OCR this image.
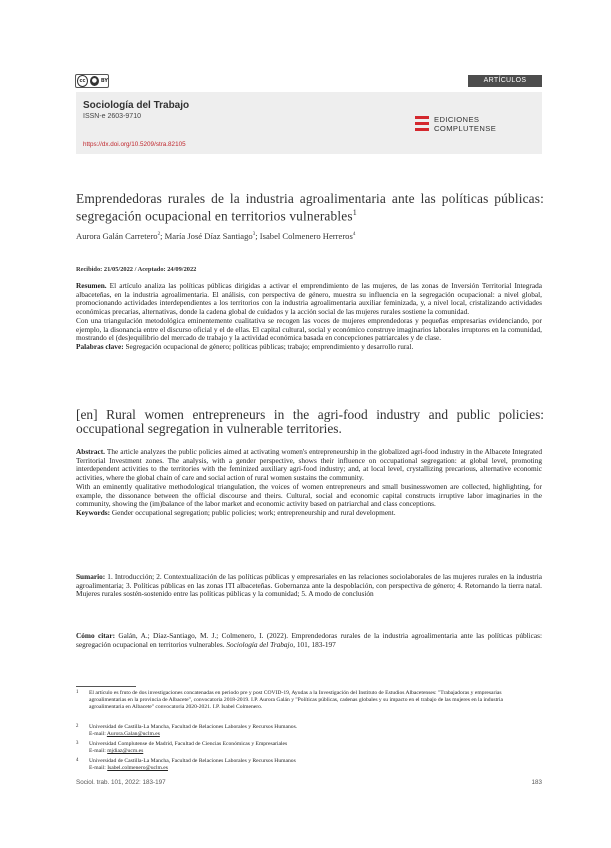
cc	● BY	ARTÍCULOS
Sociología del Trabajo
ISSN-e 2603-9710
https://dx.doi.org/10.5209/stra.82105
EDICIONES
COMPLUTENSE
Emprendedoras rurales de la industria agroalimentaria ante las políticas públicas: segregación ocupacional en territorios vulnerables$^1$
Aurora Galán Carretero$^2$; María José Díaz Santiago$^3$; Isabel Colmenero Herreros$^4$
Recibido: 21/05/2022 / Aceptado: 24/09/2022
Resumen. El artículo analiza las políticas públicas dirigidas a activar el emprendimiento de las mujeres, de las zonas de Inversión Territorial Integrada albaceteñas, en la industria agroalimentaria. El análisis, con perspectiva de género, muestra su influencia en la segregación ocupacional: a nivel global, promocionando actividades interdependientes a los territorios con la industria agroalimentaria auxiliar feminizada, y, a nivel local, cristalizando actividades económicas precarias, alternativas, donde la cadena global de cuidados y la acción social de las mujeres rurales sostiene la comunidad.
Con una triangulación metodológica eminentemente cualitativa se recogen las voces de mujeres emprendedoras y pequeñas empresarias evidenciando, por ejemplo, la disonancia entre el discurso oficial y el de ellas. El capital cultural, social y económico construye imaginarios laborales irruptores en la comunidad, mostrando el (des)equilibrio del mercado de trabajo y la actividad económica basada en concepciones patriarcales y de clase.
Palabras clave: Segregación ocupacional de género; políticas públicas; trabajo; emprendimiento y desarrollo rural.
[en] Rural women entrepreneurs in the agri-food industry and public policies: occupational segregation in vulnerable territories.
Abstract. The article analyzes the public policies aimed at activating women's entrepreneurship in the globalized agri-food industry in the Albacete Integrated Territorial Investment zones. The analysis, with a gender perspective, shows their influence on occupational segregation: at global level, promoting interdependent activities to the territories with the feminized auxiliary agri-food industry; and, at local level, crystallizing precarious, alternative economic activities, where the global chain of care and social action of rural women sustains the community.
With an eminently qualitative methodological triangulation, the voices of women entrepreneurs and small businesswomen are collected, highlighting, for example, the dissonance between the official discourse and theirs. Cultural, social and economic capital constructs irruptive labor imaginaries in the community, showing the (im)balance of the labor market and economic activity based on patriarchal and class conceptions.
Keywords: Gender occupational segregation; public policies; work; entrepreneurship and rural development.
Sumario: 1. Introducción; 2. Contextualización de las políticas públicas y empresariales en las relaciones sociolaborales de las mujeres rurales en la industria agroalimentaria; 3. Políticas públicas en las zonas ITI albaceteñas. Gobernanza ante la despoblación, con perspectiva de género; 4. Retornando la tierra natal. Mujeres rurales sostén-sostenido entre las políticas públicas y la comunidad; 5. A modo de conclusión
Cómo citar: Galán, A.; Díaz-Santiago, M. J.; Colmenero, I. (2022). Emprendedoras rurales de la industria agroalimentaria ante las políticas públicas: segregación ocupacional en territorios vulnerables. Sociología del Trabajo, 101, 183-197
1 El artículo es fruto de dos investigaciones concatenadas en periodo pre y post COVID-19, Ayudas a la Investigación del Instituto de Estudios Albacetenses: "Trabajadoras y empresarias agroalimentarias en la provincia de Albacete", convocatoria 2018-2019. I.P. Aurora Galán y "Políticas públicas, cadenas globales y su impacto en el trabajo de las mujeres en la industria agroalimentaria en Albacete" convocatoria 2020-2021. I.P. Isabel Colmenero.
2 Universidad de Castilla-La Mancha, Facultad de Relaciones Laborales y Recursos Humanos.
E-mail: Aurora.Galan@uclm.es
3 Universidad Complutense de Madrid, Facultad de Ciencias Económicas y Empresariales
E-mail: mjdiaz@ucm.es
4 Universidad de Castilla-La Mancha, Facultad de Relaciones Laborales y Recursos Humanos
E-mail: Isabel.colmenero@uclm.es
Sociol. trab. 101, 2022: 183-197	183
